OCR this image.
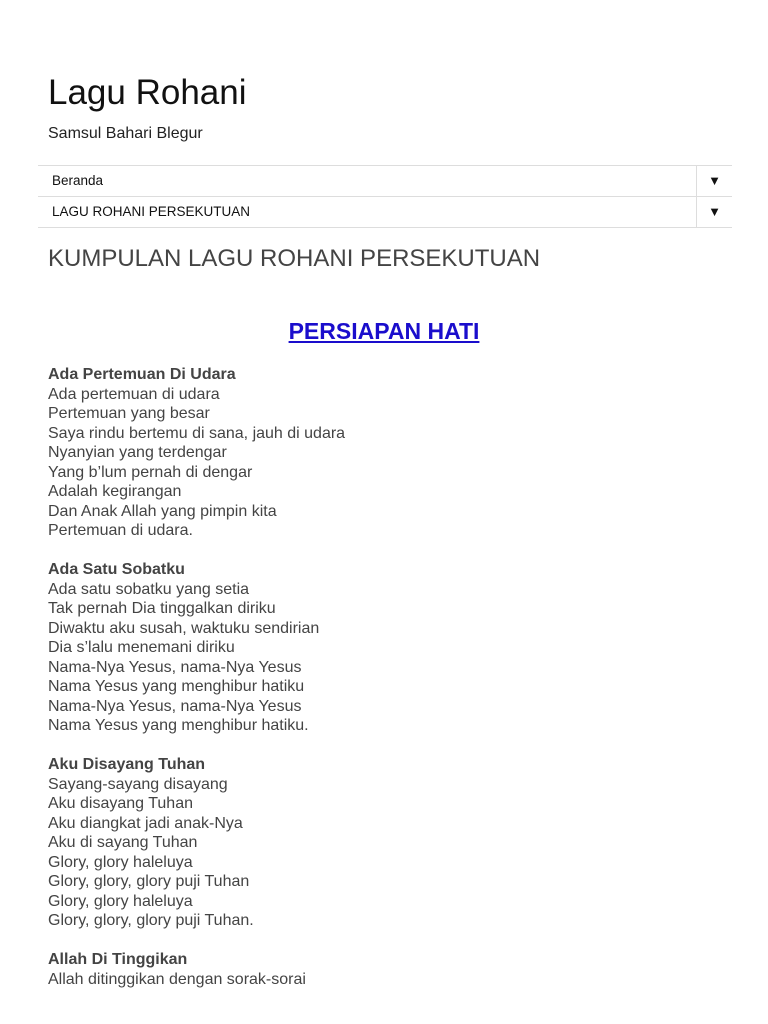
Lagu Rohani

Samsul Bahari Blegur

Beranda	▼
LAGU ROHANI PERSEKUTUAN	▼
KUMPULAN LAGU ROHANI PERSEKUTUAN
PERSIAPAN HATI
Ada Pertemuan Di Udara
Ada pertemuan di udara
Pertemuan yang besar
Saya rindu bertemu di sana, jauh di udara
Nyanyian yang terdengar
Yang b’lum pernah di dengar
Adalah kegirangan
Dan Anak Allah yang pimpin kita
Pertemuan di udara.
Ada Satu Sobatku
Ada satu sobatku yang setia
Tak pernah Dia tinggalkan diriku
Diwaktu aku susah, waktuku sendirian
Dia s’lalu menemani diriku
Nama-Nya Yesus, nama-Nya Yesus
Nama Yesus yang menghibur hatiku
Nama-Nya Yesus, nama-Nya Yesus
Nama Yesus yang menghibur hatiku.
Aku Disayang Tuhan
Sayang-sayang disayang
Aku disayang Tuhan
Aku diangkat jadi anak-Nya
Aku di sayang Tuhan
Glory, glory haleluya
Glory, glory, glory puji Tuhan
Glory, glory haleluya
Glory, glory, glory puji Tuhan.
Allah Di Tinggikan
Allah ditinggikan dengan sorak-sorai
